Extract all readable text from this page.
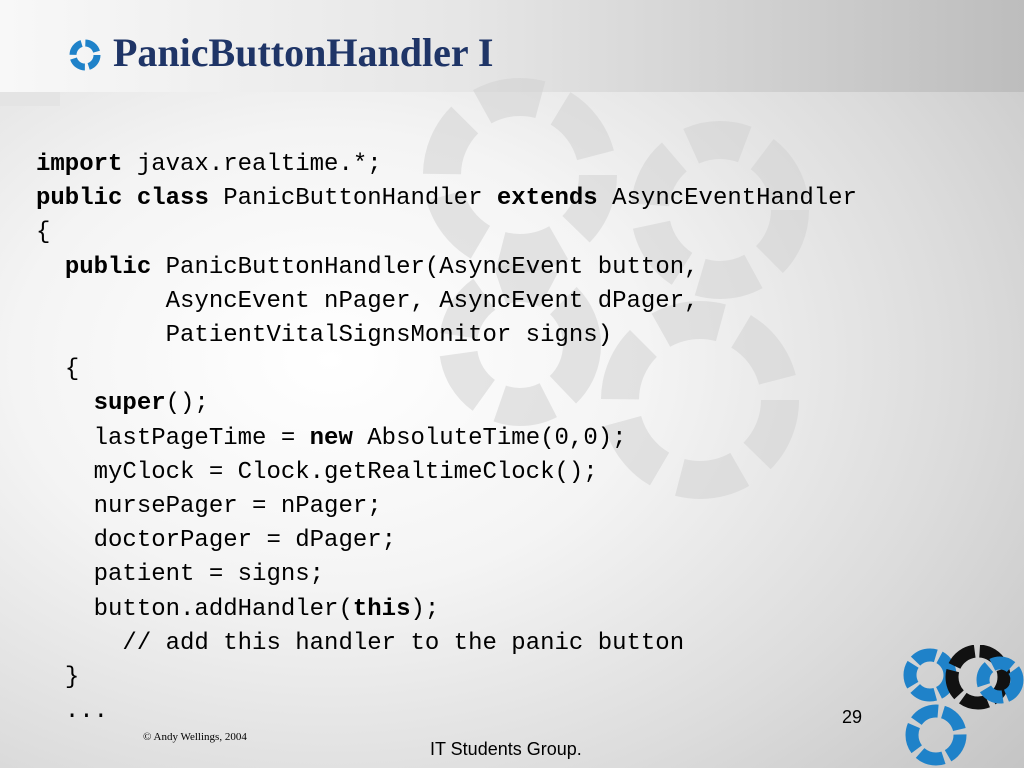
PanicButtonHandler I
import javax.realtime.*;
public class PanicButtonHandler extends AsyncEventHandler
{
public PanicButtonHandler(AsyncEvent button,
AsyncEvent nPager, AsyncEvent dPager,
PatientVitalSignsMonitor signs)
{
super();
lastPageTime = new AbsoluteTime(0,0);
myClock = Clock.getRealtimeClock();
nursePager = nPager;
doctorPager = dPager;
patient = signs;
button.addHandler(this);
// add this handler to the panic button
}
...	29
© Andy Wellings, 2004
IT Students Group.
